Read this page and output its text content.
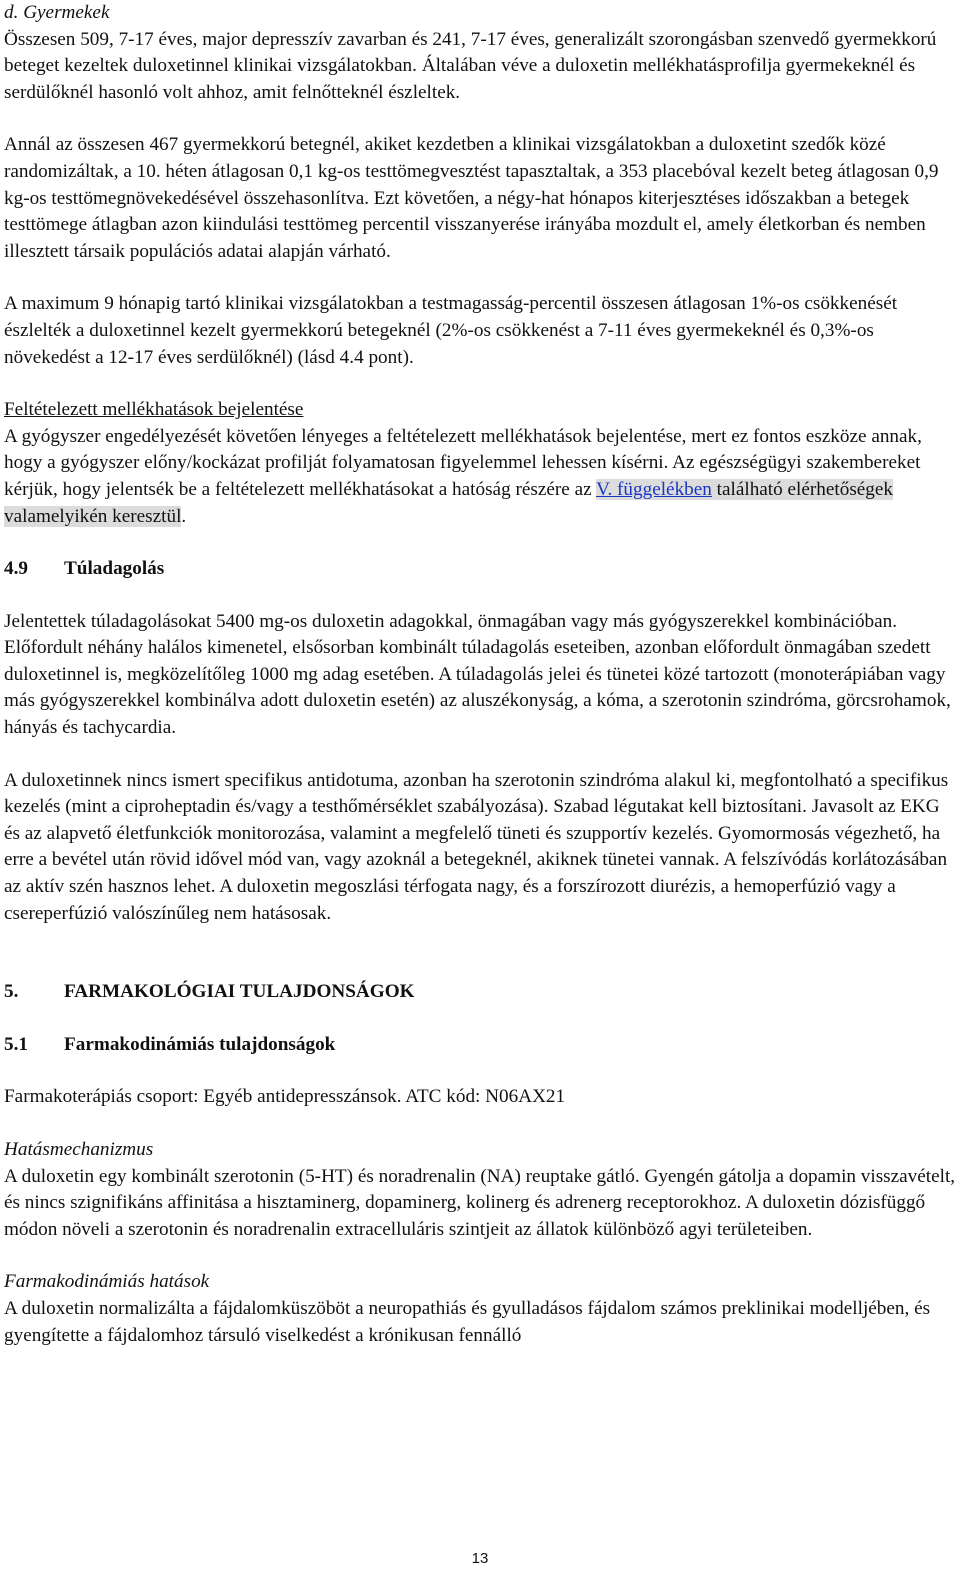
d. Gyermekek

Összesen 509, 7-17 éves, major depresszív zavarban és 241, 7-17 éves, generalizált szorongásban szenvedő gyermekkorú beteget kezeltek duloxetinnel klinikai vizsgálatokban. Általában véve a duloxetin mellékhatásprofilja gyermekeknél és serdülőknél hasonló volt ahhoz, amit felnőtteknél észleltek.

Annál az összesen 467 gyermekkorú betegnél, akiket kezdetben a klinikai vizsgálatokban a duloxetint szedők közé randomizáltak, a 10. héten átlagosan 0,1 kg-os testtömegvesztést tapasztaltak, a 353 placebóval kezelt beteg átlagosan 0,9 kg-os testtömegnövekedésével összehasonlítva. Ezt követően, a négy-hat hónapos kiterjesztéses időszakban a betegek testtömege átlagban azon kiindulási testtömeg percentil visszanyerése irányába mozdult el, amely életkorban és nemben illesztett társaik populációs adatai alapján várható.

A maximum 9 hónapig tartó klinikai vizsgálatokban a testmagasság-percentil összesen átlagosan 1%-os csökkenését észlelték a duloxetinnel kezelt gyermekkorú betegeknél (2%-os csökkenést a 7-11 éves gyermekeknél és 0,3%-os növekedést a 12-17 éves serdülőknél) (lásd 4.4 pont).

Feltételezett mellékhatások bejelentése

A gyógyszer engedélyezését követően lényeges a feltételezett mellékhatások bejelentése, mert ez fontos eszköze annak, hogy a gyógyszer előny/kockázat profilját folyamatosan figyelemmel lehessen kísérni. Az egészségügyi szakembereket kérjük, hogy jelentsék be a feltételezett mellékhatásokat a hatóság részére az V. függelékben található elérhetőségek valamelyikén keresztül.

4.9 Túladagolás

Jelentettek túladagolásokat 5400 mg-os duloxetin adagokkal, önmagában vagy más gyógyszerekkel kombinációban. Előfordult néhány halálos kimenetel, elsősorban kombinált túladagolás eseteiben, azonban előfordult önmagában szedett duloxetinnel is, megközelítőleg 1000 mg adag esetében. A túladagolás jelei és tünetei közé tartozott (monoterápiában vagy más gyógyszerekkel kombinálva adott duloxetin esetén) az aluszékonyság, a kóma, a szerotonin szindróma, görcsrohamok, hányás és tachycardia.

A duloxetinnek nincs ismert specifikus antidotuma, azonban ha szerotonin szindróma alakul ki, megfontolható a specifikus kezelés (mint a ciproheptadin és/vagy a testhőmérséklet szabályozása). Szabad légutakat kell biztosítani. Javasolt az EKG és az alapvető életfunkciók monitorozása, valamint a megfelelő tüneti és szupportív kezelés. Gyomormosás végezhető, ha erre a bevétel után rövid idővel mód van, vagy azoknál a betegeknél, akiknek tünetei vannak. A felszívódás korlátozásában az aktív szén hasznos lehet. A duloxetin megoszlási térfogata nagy, és a forszírozott diurézis, a hemoperfúzió vagy a csereperfúzió valószínűleg nem hatásosak.

5. FARMAKOLÓGIAI TULAJDONSÁGOK

5.1 Farmakodinámiás tulajdonságok

Farmakoterápiás csoport: Egyéb antidepresszánsok. ATC kód: N06AX21

Hatásmechanizmus

A duloxetin egy kombinált szerotonin (5-HT) és noradrenalin (NA) reuptake gátló. Gyengén gátolja a dopamin visszavételt, és nincs szignifikáns affinitása a hisztaminerg, dopaminerg, kolinerg és adrenerg receptorokhoz. A duloxetin dózisfüggő módon növeli a szerotonin és noradrenalin extracelluláris szintjeit az állatok különböző agyi területeiben.

Farmakodinámiás hatások

A duloxetin normalizálta a fájdalomküszöböt a neuropathiás és gyulladásos fájdalom számos preklinikai modelljében, és gyengítette a fájdalomhoz társuló viselkedést a krónikusan fennálló

13
